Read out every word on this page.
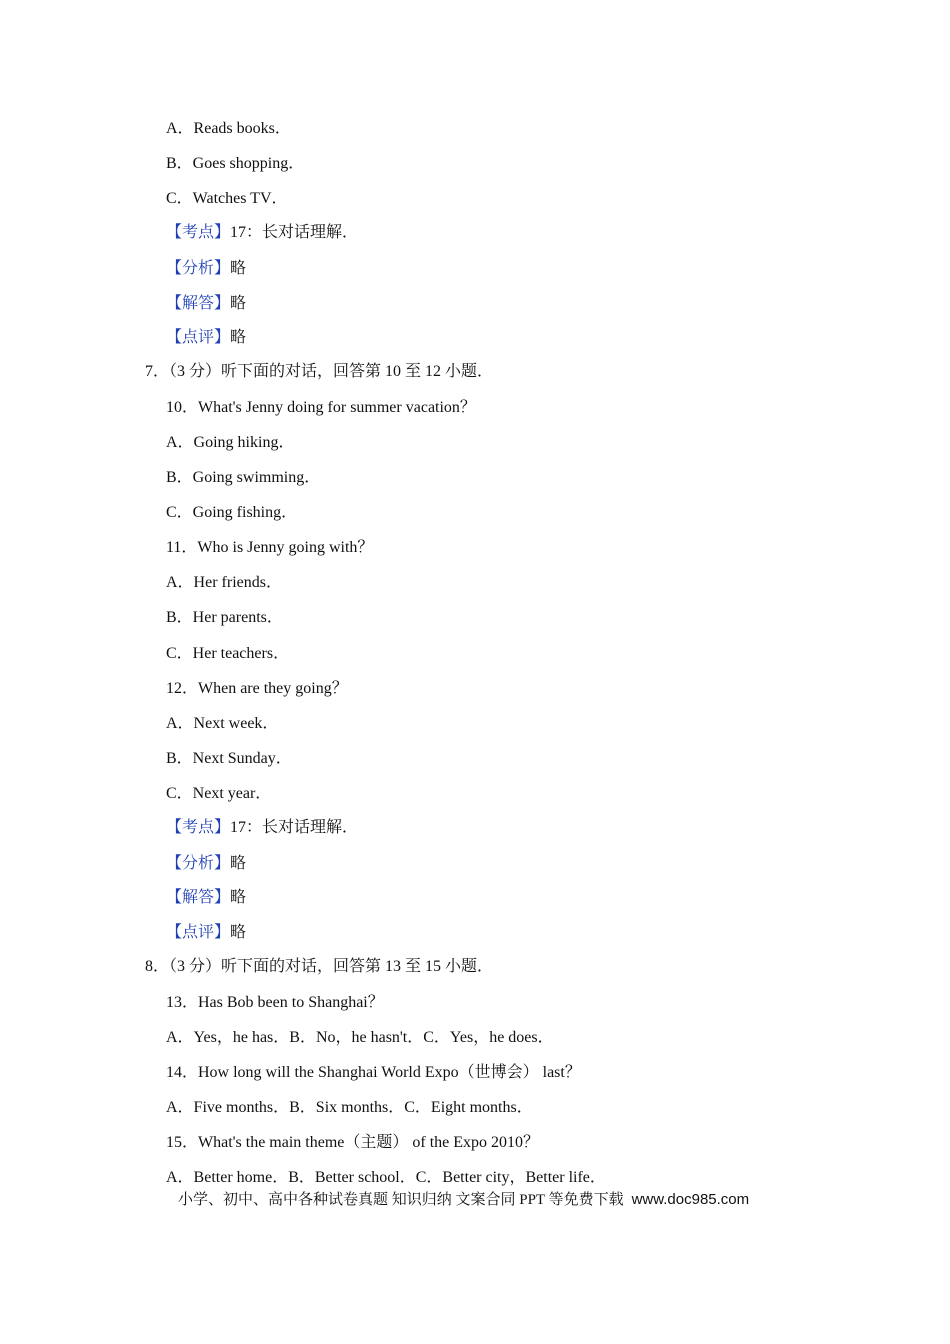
A．Reads books．
B．Goes shopping．
C．Watches TV．
【考点】17：长对话理解．
【分析】略
【解答】略
【点评】略
7．（3 分）听下面的对话，回答第 10 至 12 小题．
10．What's Jenny doing for summer vacation？
A．Going hiking．
B．Going swimming．
C．Going fishing．
11．Who is Jenny going with？
A．Her friends．
B．Her parents．
C．Her teachers．
12．When are they going？
A．Next week．
B．Next Sunday．
C．Next year．
【考点】17：长对话理解．
【分析】略
【解答】略
【点评】略
8．（3 分）听下面的对话，回答第 13 至 15 小题．
13．Has Bob been to Shanghai？
A．Yes，he has．B．No，he hasn't．C．Yes，he does．
14．How long will the Shanghai World Expo（世博会） last？
A．Five months．B．Six months．C．Eight months．
15．What's the main theme（主题） of the Expo 2010？
A．Better home．B．Better school．C．Better city，Better life．
小学、初中、高中各种试卷真题 知识归纳 文案合同 PPT 等免费下载 www.doc985.com
